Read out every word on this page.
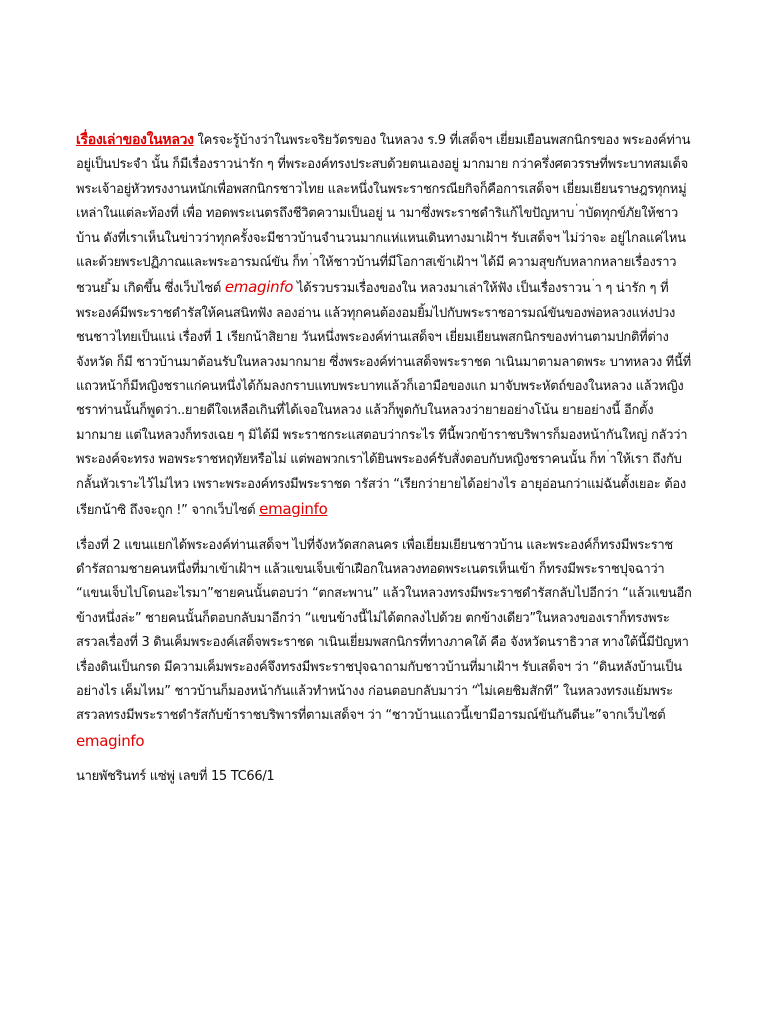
เรื่องเล่าของในหลวง ใครจะรู้บ้างว่าในพระจริยวัตรของ ในหลวง ร.9 ที่เสด็จฯ เยี่ยมเยือนพสกนิกรของ พระองค์ท่านอยู่เป็นประจำ นั้น ก็มีเรื่องราวน่ารัก ๆ ที่พระองค์ทรงประสบด้วยตนเองอยู่ มากมาย กว่าครึ่งศตวรรษที่พระบาทสมเด็จพระเจ้าอยู่หัวทรงงานหนักเพื่อพสกนิกรชาวไทย และหนึ่งในพระราชกรณียกิจก็คือการเสด็จฯ เยี่ยมเยียนราษฎรทุกหมู่เหล่าในแต่ละท้องที่ เพื่อ ทอดพระเนตรถึงชีวิตความเป็นอยู่ น ามาซึ่งพระราชดำริแก้ไขปัญหาบ ่าบัดทุกข์ภัยให้ชาวบ้าน ดังที่เราเห็นในข่าวว่าทุกครั้งจะมีชาวบ้านจำนวนมากแห่แหนเดินทางมาเฝ้าฯ รับเสด็จฯ ไม่ว่าจะ อยู่ไกลแค่ไหน และด้วยพระปฏิภาณและพระอารมณ์ขัน ก็ท ่าให้ชาวบ้านที่มีโอกาสเข้าเฝ้าฯ ได้มี ความสุขกับหลากหลายเรื่องราวชวนย ิ้ม เกิดขึ้น ซึ่งเว็บไซต์ emaginfo ได้รวบรวมเรื่องของใน หลวงมาเล่าให้ฟัง เป็นเรื่องราวน ่า ๆ น่ารัก ๆ ที่พระองค์มีพระราชดำรัสให้คนสนิทฟัง ลองอ่าน แล้วทุกคนต้องอมยิ้มไปกับพระราชอารมณ์ขันของพ่อหลวงแห่งปวงชนชาวไทยเป็นแน่ เรื่องที่ 1 เรียกน้าสิยาย วันหนึ่งพระองค์ท่านเสด็จฯ เยี่ยมเยียนพสกนิกรของท่านตามปกติที่ต่างจังหวัด ก็มี ชาวบ้านมาต้อนรับในหลวงมากมาย ซึ่งพระองค์ท่านเสด็จพระราชด าเนินมาตามลาดพระ บาทหลวง ทีนี้ที่แถวหน้าก็มีหญิงชราแก่คนหนึ่งได้ก้มลงกราบแทบพระบาทแล้วก็เอามือของแก มาจับพระหัตถ์ของในหลวง แล้วหญิงชราท่านนั้นก็พูดว่า..ยายดีใจเหลือเกินที่ได้เจอในหลวง แล้วก็พูดกับในหลวงว่ายายอย่างโน้น ยายอย่างนี้ อีกตั้งมากมาย แต่ในหลวงก็ทรงเฉย ๆ มิได้มี พระราชกระแสตอบว่ากระไร ทีนี้พวกข้าราชบริพารก็มองหน้ากันใหญ่ กลัวว่าพระองค์จะทรง พอพระราชหฤทัยหรือไม่ แต่พอพวกเราได้ยินพระองค์รับสั่งตอบกับหญิงชราคนนั้น ก็ท ่าให้เรา ถึงกับกลั้นหัวเราะไว้ไม่ไหว เพราะพระองค์ทรงมีพระราชด ารัสว่า “เรียกว่ายายได้อย่างไร อายุอ่อนกว่าแม่ฉันตั้งเยอะ ต้องเรียกน้าซิ ถึงจะถูก !” จากเว็บไซต์ emaginfo

เรื่องที่ 2 แขนแยกได้พระองค์ท่านเสด็จฯ ไปที่จังหวัดสกลนคร เพื่อเยี่ยมเยียนชาวบ้าน และพระองค์ก็ทรงมีพระราชดำรัสถามชายคนหนึ่งที่มาเข้าเฝ้าฯ แล้วแขนเจ็บเข้าเฝือกในหลวงทอดพระเนตรเห็นเข้า ก็ทรงมีพระราชปุจฉาว่า “แขนเจ็บไปโดนอะไรมา”ชายคนนั้นตอบว่า “ตกสะพาน” แล้วในหลวงทรงมีพระราชดำรัสกลับไปอีกว่า “แล้วแขนอีกข้างหนึ่งล่ะ” ชายคนนั้นก็ตอบกลับมาอีกว่า “แขนข้างนี้ไม่ได้ตกลงไปด้วย ตกข้างเดียว”ในหลวงของเราก็ทรงพระสรวลเรื่องที่ 3 ดินเค็มพระองค์เสด็จพระราชด าเนินเยี่ยมพสกนิกรที่ทางภาคใต้ คือ จังหวัดนราธิวาส ทางใต้นี้มีปัญหาเรื่องดินเป็นกรด มีความเค็มพระองค์จึงทรงมีพระราชปุจฉาถามกับชาวบ้านที่มาเฝ้าฯ รับเสด็จฯ ว่า “ดินหลังบ้านเป็นอย่างไร เค็มไหม” ชาวบ้านก็มองหน้ากันแล้วทำหน้างง ก่อนตอบกลับมาว่า “ไม่เคยชิมสักที” ในหลวงทรงแย้มพระสรวลทรงมีพระราชดำรัสกับข้าราชบริพารที่ตามเสด็จฯ ว่า “ชาวบ้านแถวนี้เขามีอารมณ์ขันกันดีนะ”จากเว็บไซต์ emaginfo

นายพัชรินทร์ แซ่พู่ เลขที่ 15 TC66/1
